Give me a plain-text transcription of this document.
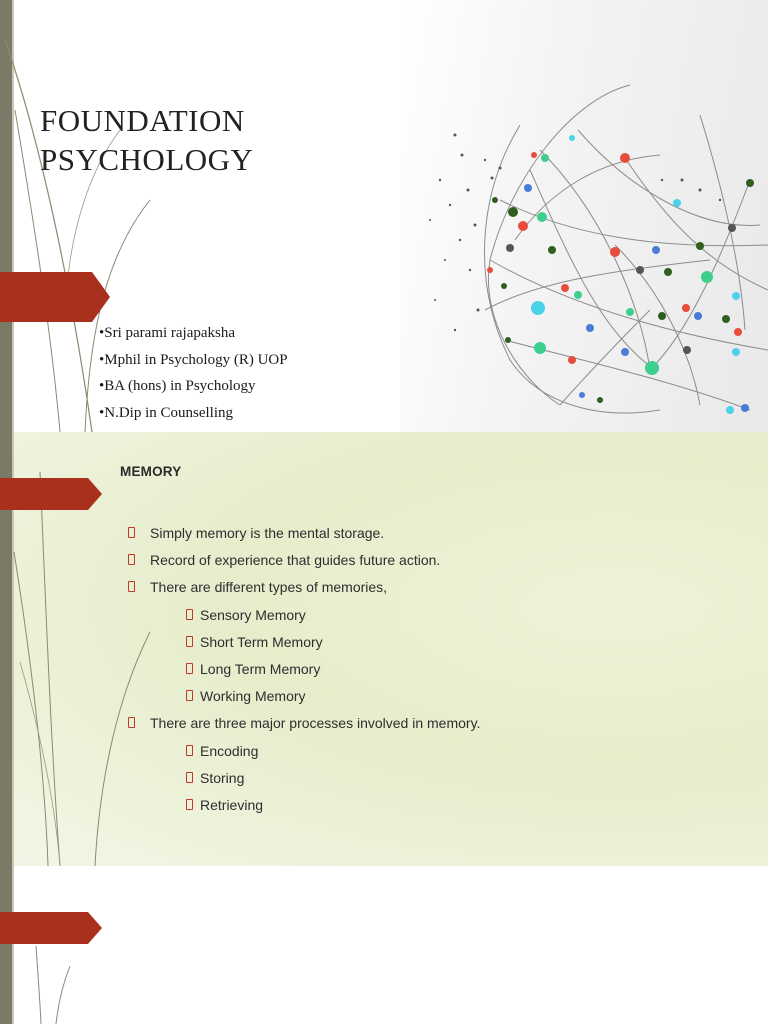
FOUNDATION
PSYCHOLOGY
•Sri parami rajapaksha
•Mphil in Psychology (R) UOP
•BA (hons) in Psychology
•N.Dip in Counselling
MEMORY
Simply memory is the mental storage.
Record of experience that guides future action.
There are different types of memories,
Sensory Memory
Short Term Memory
Long Term Memory
Working Memory
There are three major processes involved in memory.
Encoding
Storing
Retrieving
